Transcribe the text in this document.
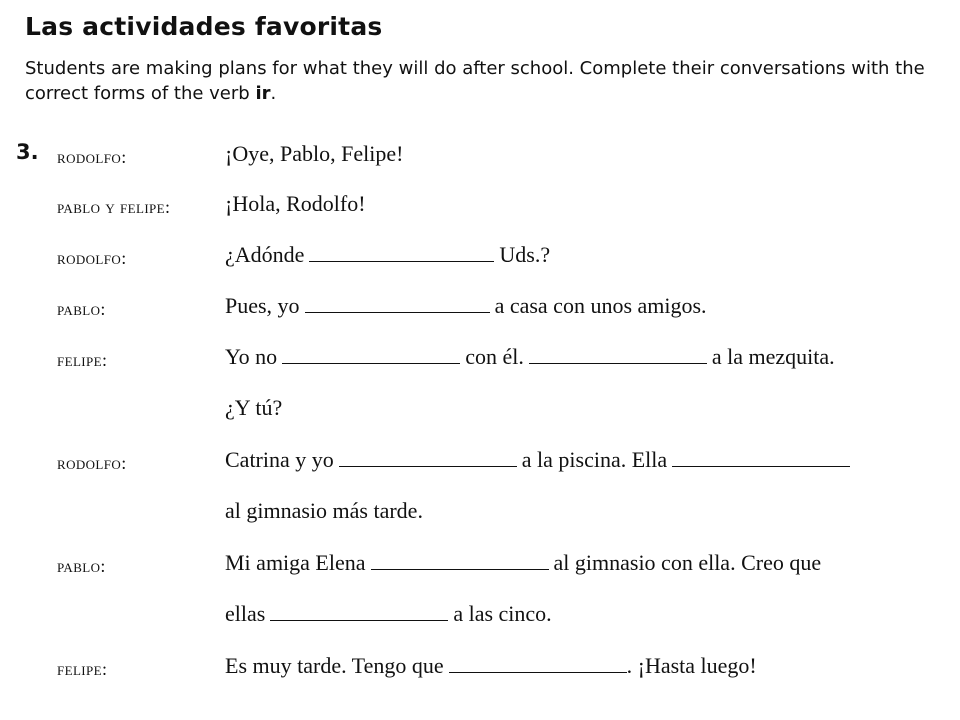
Las actividades favoritas
Students are making plans for what they will do after school. Complete their conversations with the correct forms of the verb ir.
3. rodolfo:	¡Oye, Pablo, Felipe!
pablo y felipe: ¡Hola, Rodolfo!
rodolfo:	¿Adónde	Uds.?
pablo:	Pues, yo	a casa con unos amigos.
felipe:	Yo no	con él.	a la mezquita.
¿Y tú?
rodolfo:	Catrina y yo	a la piscina. Ella
al gimnasio más tarde.
pablo:	Mi amiga Elena	al gimnasio con ella. Creo que
ellas	a las cinco.
felipe:	Es muy tarde. Tengo que	. ¡Hasta luego!
